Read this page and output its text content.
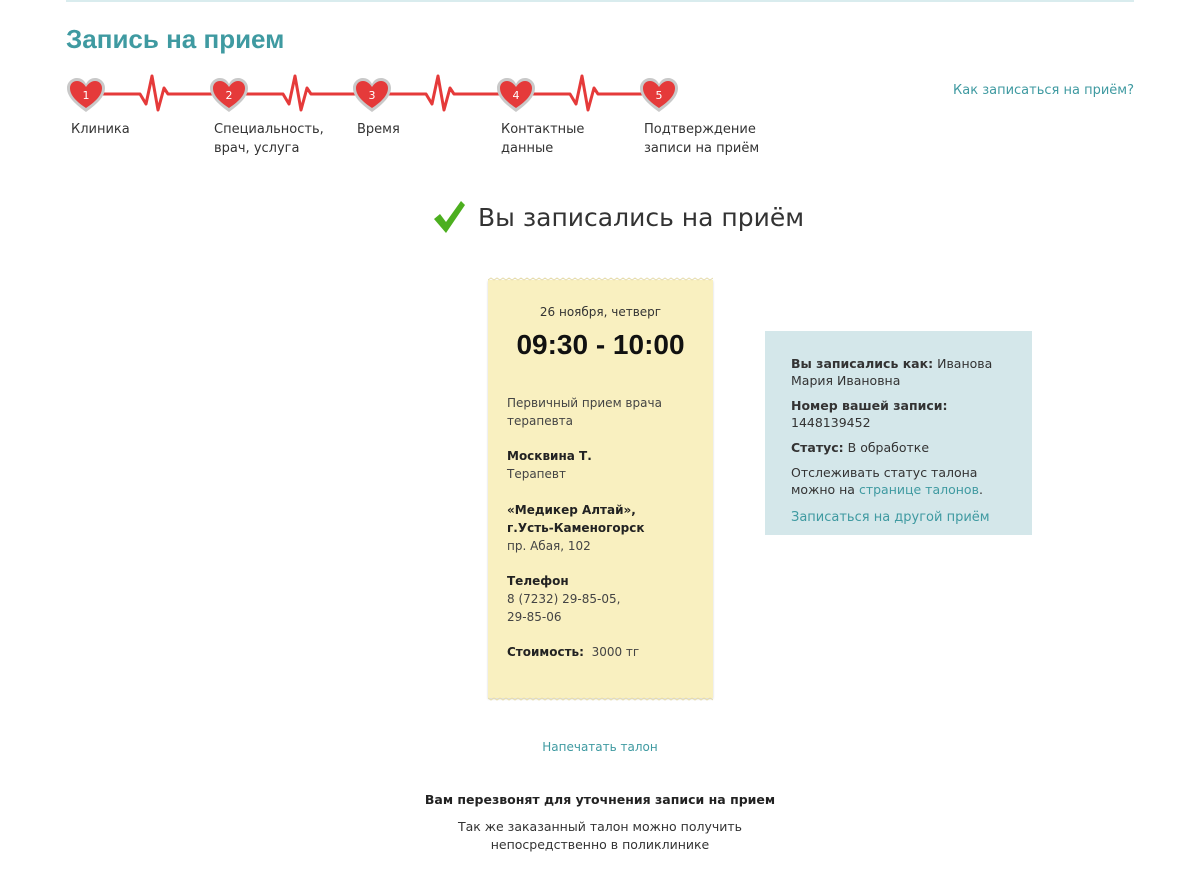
Запись на прием
Как записаться на приём?
1	2	3	4	5
Клиника	Специальность, врач, услуга
Время	Контактные данные
Подтверждение записи на приём
Вы записались на приём
26 ноября, четверг
09:30 - 10:00
Первичный прием врача терапевта
Москвина Т.
Терапевт
«Медикер Алтай», г.Усть-Каменогорск
пр. Абая, 102
Телефон
8 (7232) 29-85-05, 29-85-06
Стоимость: 3000 тг

Вы записались как: Иванова Мария Ивановна

Номер вашей записи: 1448139452

Статус: В обработке

Отслеживать статус талона можно на странице талонов.

Записаться на другой приём
Напечатать талон
Вам перезвонят для уточнения записи на прием
Так же заказанный талон можно получить непосредственно в поликлинике
